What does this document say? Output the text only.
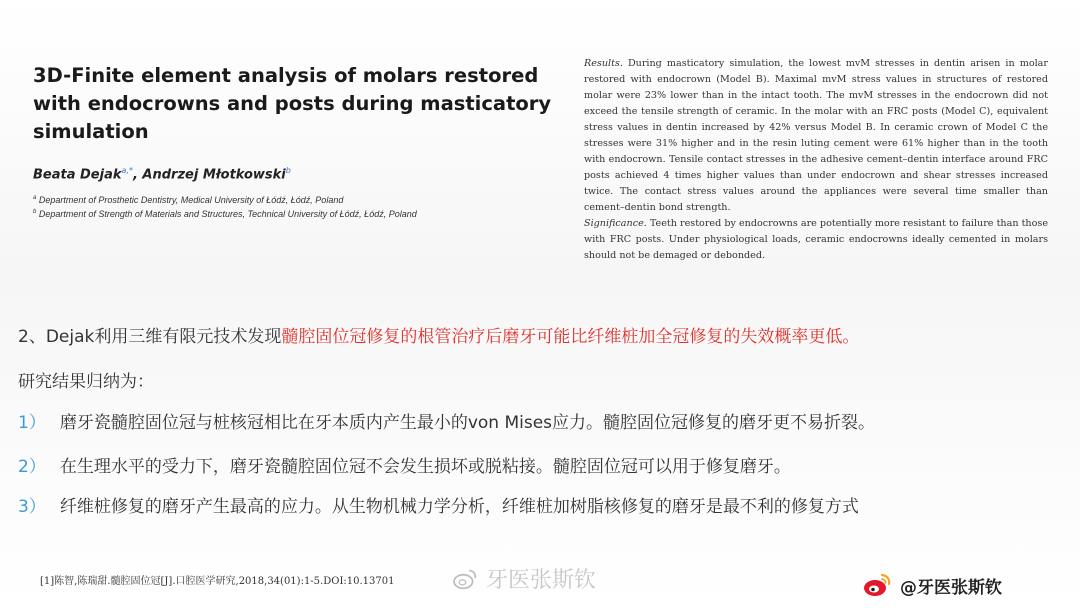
3D-Finite element analysis of molars restored with endocrowns and posts during masticatory simulation
Beata Dejak$^{a,*}$, Andrzej Młotkowski$^b$
$^a$ Department of Prosthetic Dentistry, Medical University of Łódź, Łódź, Poland
$^b$ Department of Strength of Materials and Structures, Technical University of Łódź, Łódź, Poland

Results. During masticatory simulation, the lowest mvM stresses in dentin arisen in molar restored with endocrown (Model B). Maximal mvM stress values in structures of restored molar were 23% lower than in the intact tooth. The mvM stresses in the endocrown did not exceed the tensile strength of ceramic. In the molar with an FRC posts (Model C), equivalent stress values in dentin increased by 42% versus Model B. In ceramic crown of Model C the stresses were 31% higher and in the resin luting cement were 61% higher than in the tooth with endocrown. Tensile contact stresses in the adhesive cement–dentin interface around FRC posts achieved 4 times higher values than under endocrown and shear stresses increased twice. The contact stress values around the appliances were several time smaller than cement–dentin bond strength.

Significance. Teeth restored by endocrowns are potentially more resistant to failure than those with FRC posts. Under physiological loads, ceramic endocrowns ideally cemented in molars should not be demaged or debonded.

2、Dejak利用三维有限元技术发现髓腔固位冠修复的根管治疗后磨牙可能比纤维桩加全冠修复的失效概率更低。
研究结果归纳为：
1） 磨牙瓷髓腔固位冠与桩核冠相比在牙本质内产生最小的von Mises应力。髓腔固位冠修复的磨牙更不易折裂。
2） 在生理水平的受力下，磨牙瓷髓腔固位冠不会发生损坏或脱粘接。髓腔固位冠可以用于修复磨牙。
3） 纤维桩修复的磨牙产生最高的应力。从生物机械力学分析，纤维桩加树脂核修复的磨牙是最不利的修复方式
[1]陈智,陈瑞甜.髓腔固位冠[J].口腔医学研究,2018,34(01):1-5.DOI:10.13701	牙医张斯钦	@牙医张斯钦
